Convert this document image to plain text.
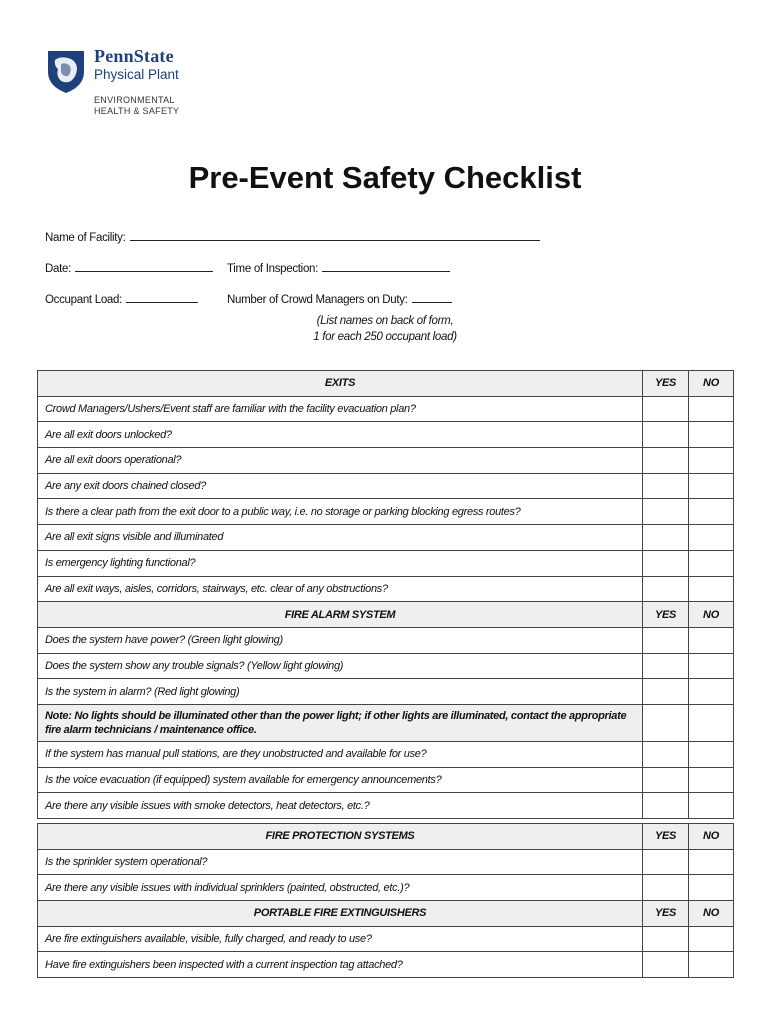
PennState
Physical Plant
ENVIRONMENTAL
HEALTH & SAFETY
Pre-Event Safety Checklist
Name of Facility:
Date:	Time of Inspection:
Occupant Load:	Number of Crowd Managers on Duty:
(List names on back of form,
1 for each 250 occupant load)
EXITS	YES	NO
Crowd Managers/Ushers/Event staff are familiar with the facility evacuation plan?		
Are all exit doors unlocked?		
Are all exit doors operational?		
Are any exit doors chained closed?		
Is there a clear path from the exit door to a public way, i.e. no storage or parking blocking egress routes?		
Are all exit signs visible and illuminated		
Is emergency lighting functional?		
Are all exit ways, aisles, corridors, stairways, etc. clear of any obstructions?		
FIRE ALARM SYSTEM	YES	NO
Does the system have power? (Green light glowing)		
Does the system show any trouble signals? (Yellow light glowing)		
Is the system in alarm? (Red light glowing)		
Note: No lights should be illuminated other than the power light; if other lights are illuminated, contact the appropriate fire alarm technicians / maintenance office.		
If the system has manual pull stations, are they unobstructed and available for use?		
Is the voice evacuation (if equipped) system available for emergency announcements?		
Are there any visible issues with smoke detectors, heat detectors, etc.?		
FIRE PROTECTION SYSTEMS	YES	NO
Is the sprinkler system operational?		
Are there any visible issues with individual sprinklers (painted, obstructed, etc.)?		
PORTABLE FIRE EXTINGUISHERS	YES	NO
Are fire extinguishers available, visible, fully charged, and ready to use?		
Have fire extinguishers been inspected with a current inspection tag attached?		
